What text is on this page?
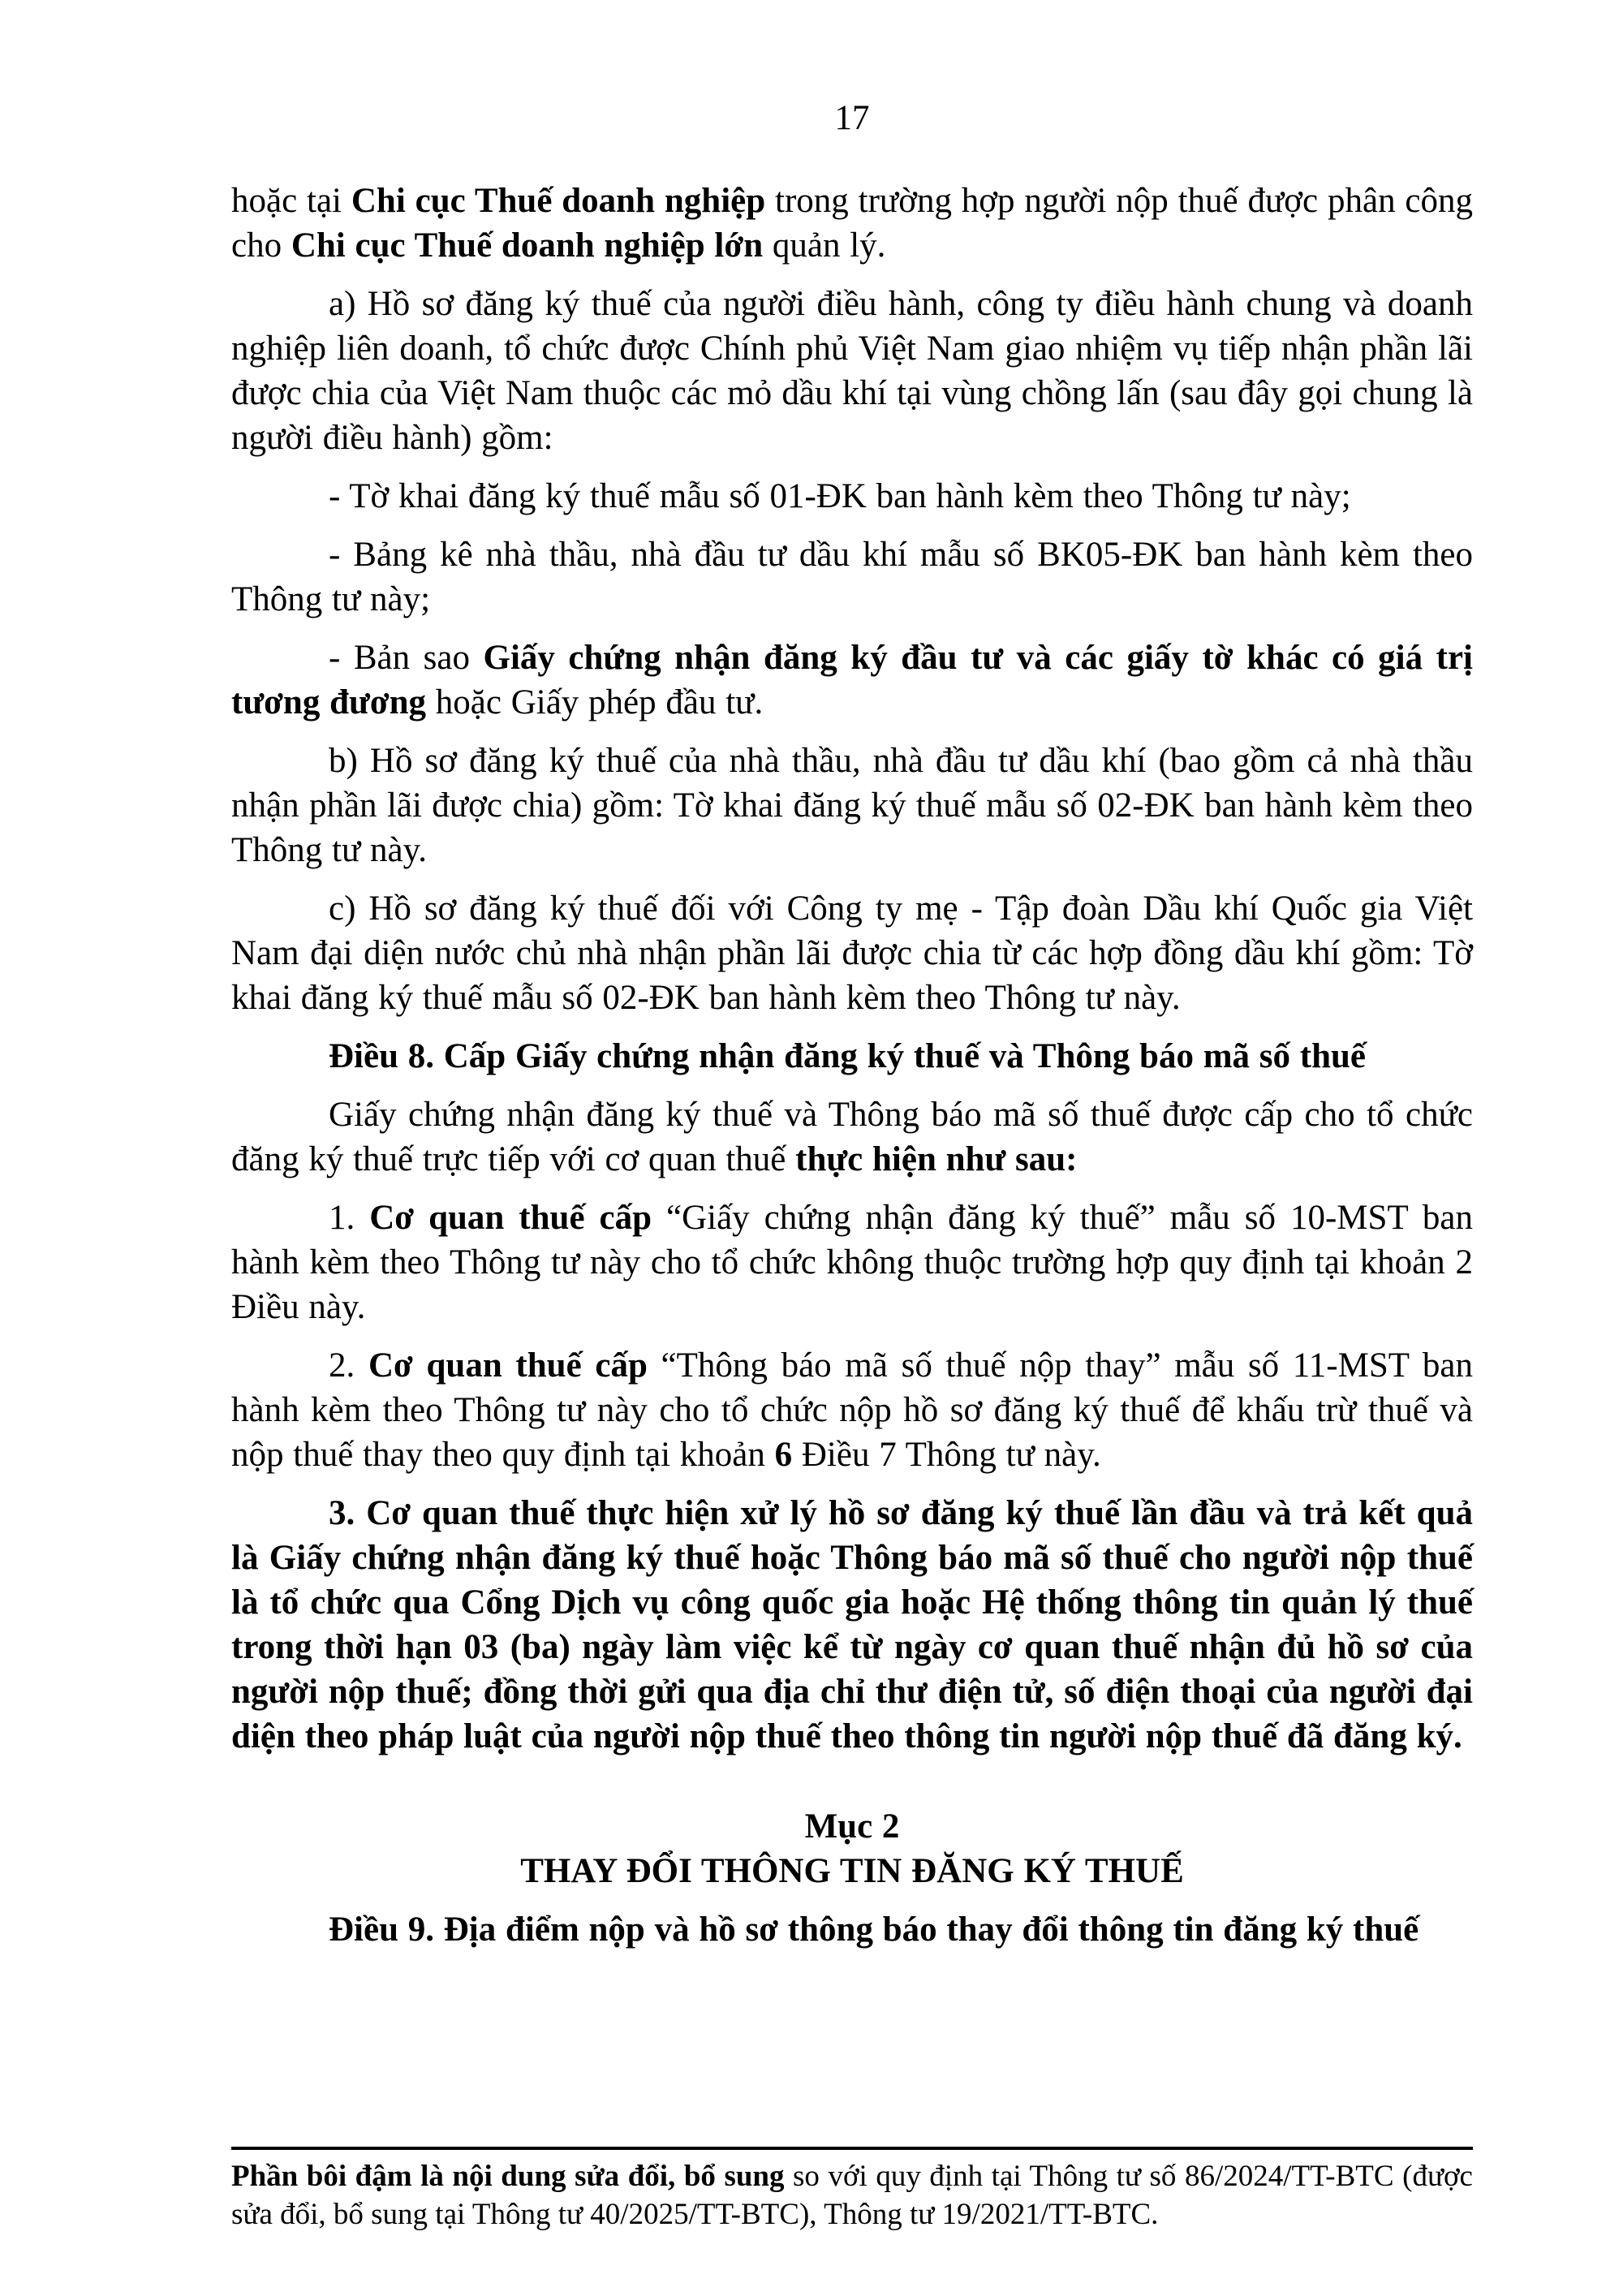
17
hoặc tại Chi cục Thuế doanh nghiệp trong trường hợp người nộp thuế được phân công cho Chi cục Thuế doanh nghiệp lớn quản lý.
a) Hồ sơ đăng ký thuế của người điều hành, công ty điều hành chung và doanh nghiệp liên doanh, tổ chức được Chính phủ Việt Nam giao nhiệm vụ tiếp nhận phần lãi được chia của Việt Nam thuộc các mỏ dầu khí tại vùng chồng lấn (sau đây gọi chung là người điều hành) gồm:
- Tờ khai đăng ký thuế mẫu số 01-ĐK ban hành kèm theo Thông tư này;
- Bảng kê nhà thầu, nhà đầu tư dầu khí mẫu số BK05-ĐK ban hành kèm theo Thông tư này;
- Bản sao Giấy chứng nhận đăng ký đầu tư và các giấy tờ khác có giá trị tương đương hoặc Giấy phép đầu tư.
b) Hồ sơ đăng ký thuế của nhà thầu, nhà đầu tư dầu khí (bao gồm cả nhà thầu nhận phần lãi được chia) gồm: Tờ khai đăng ký thuế mẫu số 02-ĐK ban hành kèm theo Thông tư này.
c) Hồ sơ đăng ký thuế đối với Công ty mẹ - Tập đoàn Dầu khí Quốc gia Việt Nam đại diện nước chủ nhà nhận phần lãi được chia từ các hợp đồng dầu khí gồm: Tờ khai đăng ký thuế mẫu số 02-ĐK ban hành kèm theo Thông tư này.
Điều 8. Cấp Giấy chứng nhận đăng ký thuế và Thông báo mã số thuế
Giấy chứng nhận đăng ký thuế và Thông báo mã số thuế được cấp cho tổ chức đăng ký thuế trực tiếp với cơ quan thuế thực hiện như sau:
1. Cơ quan thuế cấp “Giấy chứng nhận đăng ký thuế” mẫu số 10-MST ban hành kèm theo Thông tư này cho tổ chức không thuộc trường hợp quy định tại khoản 2 Điều này.
2. Cơ quan thuế cấp “Thông báo mã số thuế nộp thay” mẫu số 11-MST ban hành kèm theo Thông tư này cho tổ chức nộp hồ sơ đăng ký thuế để khấu trừ thuế và nộp thuế thay theo quy định tại khoản 6 Điều 7 Thông tư này.
3. Cơ quan thuế thực hiện xử lý hồ sơ đăng ký thuế lần đầu và trả kết quả là Giấy chứng nhận đăng ký thuế hoặc Thông báo mã số thuế cho người nộp thuế là tổ chức qua Cổng Dịch vụ công quốc gia hoặc Hệ thống thông tin quản lý thuế trong thời hạn 03 (ba) ngày làm việc kể từ ngày cơ quan thuế nhận đủ hồ sơ của người nộp thuế; đồng thời gửi qua địa chỉ thư điện tử, số điện thoại của người đại diện theo pháp luật của người nộp thuế theo thông tin người nộp thuế đã đăng ký.
Mục 2
THAY ĐỔI THÔNG TIN ĐĂNG KÝ THUẾ
Điều 9. Địa điểm nộp và hồ sơ thông báo thay đổi thông tin đăng ký thuế
Phần bôi đậm là nội dung sửa đổi, bổ sung so với quy định tại Thông tư số 86/2024/TT-BTC (được sửa đổi, bổ sung tại Thông tư 40/2025/TT-BTC), Thông tư 19/2021/TT-BTC.
